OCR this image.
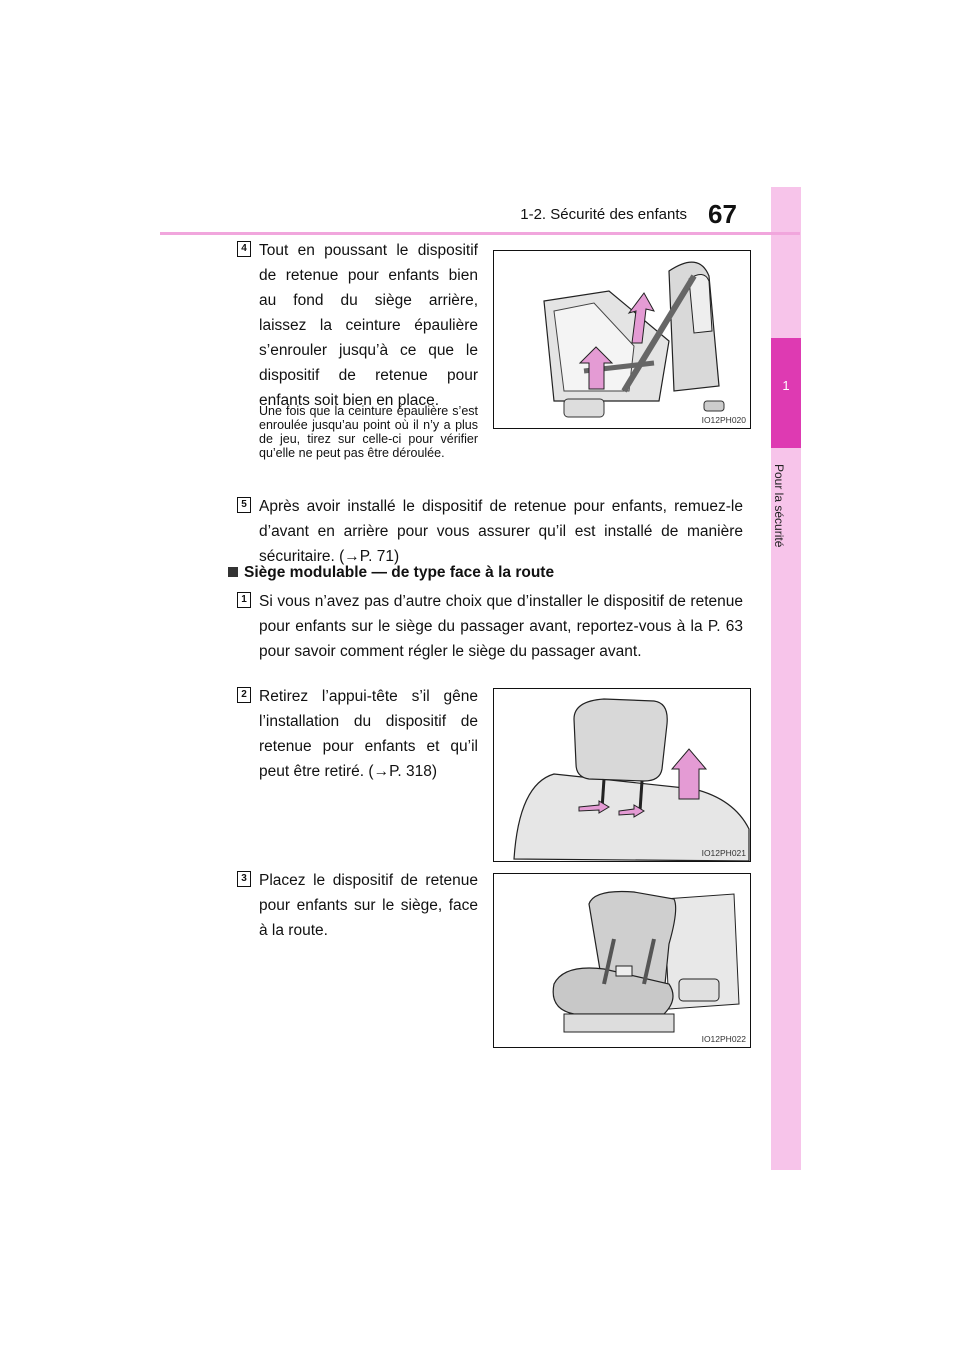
1
Pour la sécurité
1-2. Sécurité des enfants 67
4 Tout en poussant le dispositif de retenue pour enfants bien au fond du siège arrière, laissez la ceinture épaulière s’enrouler jusqu’à ce que le dispositif de retenue pour enfants soit bien en place.

Une fois que la ceinture épaulière s’est enroulée jusqu’au point où il n’y a plus de jeu, tirez sur celle-ci pour vérifier qu’elle ne peut pas être déroulée.

IO12PH020
5 Après avoir installé le dispositif de retenue pour enfants, remuez-le d’avant en arrière pour vous assurer qu’il est installé de manière sécuritaire. (→P. 71)

Siège modulable — de type face à la route
1 Si vous n’avez pas d’autre choix que d’installer le dispositif de retenue pour enfants sur le siège du passager avant, reportez-vous à la P. 63 pour savoir comment régler le siège du passager avant.

2 Retirez l’appui-tête s’il gêne l’installation du dispositif de retenue pour enfants et qu’il peut être retiré. (→P. 318)

IO12PH021
3 Placez le dispositif de retenue pour enfants sur le siège, face à la route.

IO12PH022
